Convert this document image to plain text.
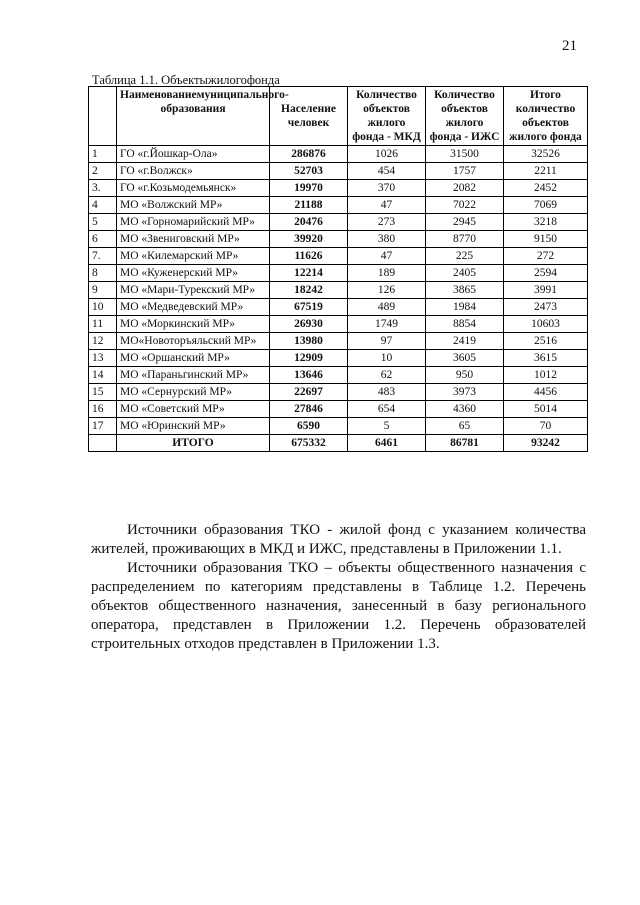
21
Таблица 1.1. Объектыжилогофонда
	Наименованиемуниципальногообразования	Население человек	Количество объектов жилого фонда - МКД	Количество объектов жилого фонда - ИЖС	Итого количество объектов жилого фонда
1	ГО «г.Йошкар-Ола»	286876	1026	31500	32526
2	ГО «г.Волжск»	52703	454	1757	2211
3.	ГО «г.Козьмодемьянск»	19970	370	2082	2452
4	МО «Волжский МР»	21188	47	7022	7069
5	МО «Горномарийский МР»	20476	273	2945	3218
6	МО «Звениговский МР»	39920	380	8770	9150
7.	МО «Килемарский МР»	11626	47	225	272
8	МО «Куженерский МР»	12214	189	2405	2594
9	МО «Мари-Турекский МР»	18242	126	3865	3991
10	МО «Медведевский МР»	67519	489	1984	2473
11	МО «Моркинский МР»	26930	1749	8854	10603
12	МО«Новоторъяльский МР»	13980	97	2419	2516
13	МО «Оршанский МР»	12909	10	3605	3615
14	МО «Параньгинский МР»	13646	62	950	1012
15	МО «Сернурский МР»	22697	483	3973	4456
16	МО «Советский МР»	27846	654	4360	5014
17	МО «Юринский МР»	6590	5	65	70
	ИТОГО	675332	6461	86781	93242

Источники образования ТКО - жилой фонд с указанием количества жителей, проживающих в МКД и ИЖС, представлены в Приложении 1.1.

Источники образования ТКО – объекты общественного назначения с распределением по категориям представлены в Таблице 1.2. Перечень объектов общественного назначения, занесенный в базу регионального оператора, представлен в Приложении 1.2. Перечень образователей строительных отходов представлен в Приложении 1.3.
